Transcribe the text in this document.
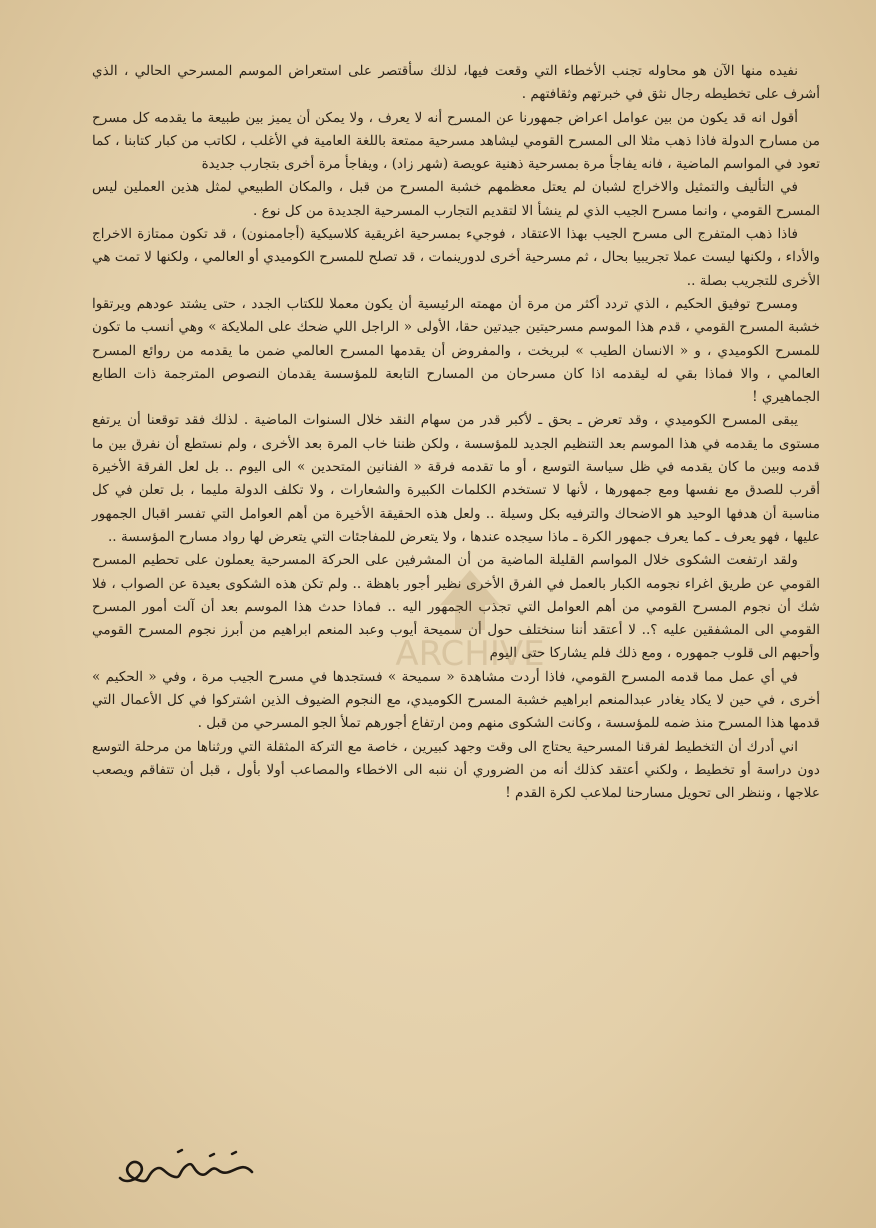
نفيده منها الآن هو محاوله تجنب الأخطاء التي وقعت فيها، لذلك سأقتصر على استعراض الموسم المسرحي الحالي ، الذي أشرف على تخطيطه رجال نثق في خبرتهم وثقافتهم .

أقول انه قد يكون من بين عوامل اعراض جمهورنا عن المسرح أنه لا يعرف ، ولا يمكن أن يميز بين طبيعة ما يقدمه كل مسرح من مسارح الدولة فاذا ذهب مثلا الى المسرح القومي ليشاهد مسرحية ممتعة باللغة العامية في الأغلب ، لكاتب من كبار كتابنا ، كما تعود في المواسم الماضية ، فانه يفاجأ مرة بمسرحية ذهنية عويصة (شهر زاد) ، ويفاجأ مرة أخرى بتجارب جديدة

في التأليف والتمثيل والاخراج لشبان لم يعتل معظمهم خشبة المسرح من قبل ، والمكان الطبيعي لمثل هذين العملين ليس المسرح القومي ، وانما مسرح الجيب الذي لم ينشأ الا لتقديم التجارب المسرحية الجديدة من كل نوع .

فاذا ذهب المتفرج الى مسرح الجيب بهذا الاعتقاد ، فوجيء بمسرحية اغريقية كلاسيكية (أجاممنون) ، قد تكون ممتازة الاخراج والأداء ، ولكنها ليست عملا تجريبيا بحال ، ثم مسرحية أخرى لدورينمات ، قد تصلح للمسرح الكوميدي أو العالمي ، ولكنها لا تمت هي الأخرى للتجريب بصلة ..

ومسرح توفيق الحكيم ، الذي تردد أكثر من مرة أن مهمته الرئيسية أن يكون معملا للكتاب الجدد ، حتى يشتد عودهم ويرتقوا خشبة المسرح القومي ، قدم هذا الموسم مسرحيتين جيدتين حقا، الأولى « الراجل اللي ضحك على الملايكة » وهي أنسب ما تكون للمسرح الكوميدي ، و « الانسان الطيب » لبريخت ، والمفروض أن يقدمها المسرح العالمي ضمن ما يقدمه من روائع المسرح العالمي ، والا فماذا بقي له ليقدمه اذا كان مسرحان من المسارح التابعة للمؤسسة يقدمان النصوص المترجمة ذات الطابع الجماهيري !

يبقى المسرح الكوميدي ، وقد تعرض ـ بحق ـ لأكبر قدر من سهام النقد خلال السنوات الماضية . لذلك فقد توقعنا أن يرتفع مستوى ما يقدمه في هذا الموسم بعد التنظيم الجديد للمؤسسة ، ولكن ظننا خاب المرة بعد الأخرى ، ولم نستطع أن نفرق بين ما قدمه وبين ما كان يقدمه في ظل سياسة التوسع ، أو ما تقدمه فرقة « الفنانين المتحدين » الى اليوم .. بل لعل الفرقة الأخيرة أقرب للصدق مع نفسها ومع جمهورها ، لأنها لا تستخدم الكلمات الكبيرة والشعارات ، ولا تكلف الدولة مليما ، بل تعلن في كل مناسبة أن هدفها الوحيد هو الاضحاك والترفيه بكل وسيلة .. ولعل هذه الحقيقة الأخيرة من أهم العوامل التي تفسر اقبال الجمهور عليها ، فهو يعرف ـ كما يعرف جمهور الكرة ـ ماذا سيجده عندها ، ولا يتعرض للمفاجئات التي يتعرض لها رواد مسارح المؤسسة ..

ولقد ارتفعت الشكوى خلال المواسم القليلة الماضية من أن المشرفين على الحركة المسرحية يعملون على تحطيم المسرح القومي عن طريق اغراء نجومه الكبار بالعمل في الفرق الأخرى نظير أجور باهظة .. ولم تكن هذه الشكوى بعيدة عن الصواب ، فلا شك أن نجوم المسرح القومي من أهم العوامل التي تجذب الجمهور اليه .. فماذا حدث هذا الموسم بعد أن آلت أمور المسرح القومي الى المشفقين عليه ؟.. لا أعتقد أننا سنختلف حول أن سميحة أيوب وعبد المنعم ابراهيم من أبرز نجوم المسرح القومي وأحبهم الى قلوب جمهوره ، ومع ذلك فلم يشاركا حتى اليوم

في أي عمل مما قدمه المسرح القومي، فاذا أردت مشاهدة « سميحة » فستجدها في مسرح الجيب مرة ، وفي « الحكيم » أخرى ، في حين لا يكاد يغادر عبدالمنعم ابراهيم خشبة المسرح الكوميدي، مع النجوم الضيوف الذين اشتركوا في كل الأعمال التي قدمها هذا المسرح منذ ضمه للمؤسسة ، وكانت الشكوى منهم ومن ارتفاع أجورهم تملأ الجو المسرحي من قبل .

اني أدرك أن التخطيط لفرقنا المسرحية يحتاج الى وقت وجهد كبيرين ، خاصة مع التركة المثقلة التي ورثناها من مرحلة التوسع دون دراسة أو تخطيط ، ولكني أعتقد كذلك أنه من الضروري أن ننبه الى الاخطاء والمصاعب أولا بأول ، قبل أن تتفاقم ويصعب علاجها ، وننظر الى تحويل مسارحنا لملاعب لكرة القدم !

ARCHIVE
